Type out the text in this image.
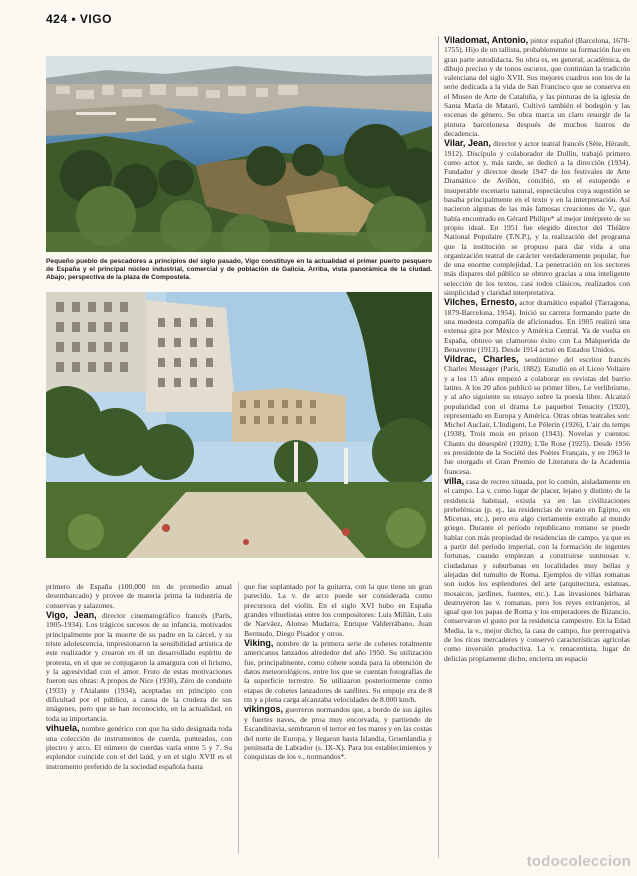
424 • VIGO
Pequeño pueblo de pescadores a principios del siglo pasado, Vigo constituye en la actualidad el primer puerto pesquero de España y el principal núcleo industrial, comercial y de población de Galicia. Arriba, vista panorámica de la ciudad. Abajo, perspectiva de la plaza de Compostela.

primero de España (100.000 tm de promedio anual desembarcado) y provee de materia prima la industria de conservas y salazones.

Vigo, Jean, director cinematográfico francés (París, 1905-1934). Los trágicos sucesos de su infancia, motivados principalmente por la muerte de su padre en la cárcel, y su triste adolescencia, impresionaron la sensibilidad artística de este realizador y crearon en él un desarrollado espíritu de protesta, en el que se conjugaron la amargura con el lirismo, y la agresividad con el amor. Fruto de estas motivaciones fueron sus obras: A propos de Nice (1930), Zéro de conduite (1933) y l'Atalante (1934), aceptadas en principio con dificultad por el público, a causa de la crudeza de sus imágenes, pero que se han reconocido, en la actualidad, en toda su importancia.

vihuela, nombre genérico con que ha sido designada toda una colección de instrumentos de cuerda, punteados, con plectro y arco. El número de cuerdas varía entre 5 y 7. Su esplendor coincide con el del laúd, y en el siglo XVII es el instrumento preferido de la sociedad española hasta

que fue suplantado por la guitarra, con la que tiene un gran parecido. La v. de arco puede ser considerada como precursora del violín. En el siglo XVI hubo en España grandes vihuelistas entre los compositores: Luis Millán, Luis de Narváez, Alonso Mudarra, Enrique Valderrábano, Juan Bermudo, Diego Pisador y otros.

Viking, nombre de la primera serie de cohetes totalmente americanos lanzados alrededor del año 1950. Su utilización fue, principalmente, como cohete sonda para la obtención de datos meteorológicos, entre los que se cuentan fotografías de la superficie terrestre. Se utilizaron posteriormente como etapas de cohetes lanzadores de satélites. Su empuje era de 8 tm y a plena carga alcanzaba velocidades de 8.000 km/h.

vikingos, guerreros normandos que, a bordo de sus ágiles y fuertes naves, de proa muy encorvada, y partiendo de Escandinavia, sembraron el terror en los mares y en las costas del norte de Europa, y llegaron hasta Islandia, Groenlandia y península de Labrador (s. IX-X). Para los establecimientos y conquistas de los v., normandos*.

Viladomat, Antonio, pintor español (Barcelona, 1678-1755). Hijo de un tallista, probablemente su formación fue en gran parte autodidacta. Su obra es, en general, académica, de dibujo preciso y de tonos oscuros, que continúan la tradición valenciana del siglo XVII. Sus mejores cuadros son los de la serie dedicada a la vida de San Francisco que se conserva en el Museo de Arte de Cataluña, y las pinturas de la iglesia de Santa María de Mataró. Cultivó también el bodegón y las escenas de género. Su obra marca un claro resurgir de la pintura barcelonesa después de muchos lustros de decadencia.

Vilar, Jean, director y actor teatral francés (Sète, Hérault, 1912). Discípulo y colaborador de Dullin, trabajó primero como actor y, más tarde, se dedicó a la dirección (1934). Fundador y director desde 1947 de los festivales de Arte Dramático de Aviñón, concibió, en el estupendo e insuperable escenario natural, espectáculos cuya sugestión se basaba principalmente en el texto y en la interpretación. Así nacieron algunas de las más famosas creaciones de V., que había encontrado en Gérard Philipe* al mejor intérprete de su propio ideal. En 1951 fue elegido director del Théâtre National Populaire (T.N.P.), y la realización del programa que la institución se propuso para dar vida a una organización teatral de carácter verdaderamente popular, fue de una enorme complejidad. La penetración en los sectores más dispares del público se obtuvo gracias a una inteligente selección de los textos, casi todos clásicos, realizados con simplicidad y claridad interpretativa.

Vilches, Ernesto, actor dramático español (Tarragona, 1879-Barcelona, 1954). Inició su carrera formando parte de una modesta compañía de aficionados. En 1905 realizó una extensa gira por México y América Central. Ya de vuelta en España, obtuvo un clamoroso éxito con La Malquerida de Benavente (1913). Desde 1914 actuó en Estados Unidos.

Vildrac, Charles, seudónimo del escritor francés Charles Messager (París, 1882). Estudió en el Liceo Voltaire y a los 15 años empezó a colaborar en revistas del barrio latino. A los 20 años publicó su primer libro, Le verlibrisme, y al año siguiente su ensayo sobre la poesía libre. Alcanzó popularidad con el drama Le paquebot Tenacity (1920), representado en Europa y América. Otras obras teatrales son: Michel Auclair, L'Indigent, Le Pèlerin (1926), L'air du temps (1938), Trois mois en prison (1943). Novelas y cuentos: Chants du désespéré (1920); L'île Rose (1925). Desde 1956 es presidente de la Société des Poètes Français, y en 1963 le fue otorgado el Gran Premio de Literatura de la Academia francesa.

villa, casa de recreo situada, por lo común, aisladamente en el campo. La v. como lugar de placer, lejano y distinto de la residencia habitual, existía ya en las civilizaciones prehelénicas (p. ej., las residencias de verano en Egipto, en Micenas, etc.), pero era algo ciertamente extraño al mundo griego. Durante el período republicano romano se puede hablar con más propiedad de residencias de campo, ya que es a partir del período imperial, con la formación de ingentes fortunas, cuando empiezan a construirse suntuosas v. ciudadanas y suburbanas en localidades muy bellas y alejadas del tumulto de Roma. Ejemplos de villas romanas son todos los esplendores del arte (arquitectura, estatuas, mosaicos, jardines, fuentes, etc.). Las invasiones bárbaras destruyeron las v. romanas, pero los reyes extranjeros, al igual que los papas de Roma y los emperadores de Bizancio, conservaron el gusto por la residencia campestre. En la Edad Media, la v., mejor dicho, la casa de campo, fue prerrogativa de los ricos mercaderes y conservó características agrícolas como inversión productiva. La v. renacentista, lugar de delicias propiamente dicho, encierra un espacio

todocoleccion
